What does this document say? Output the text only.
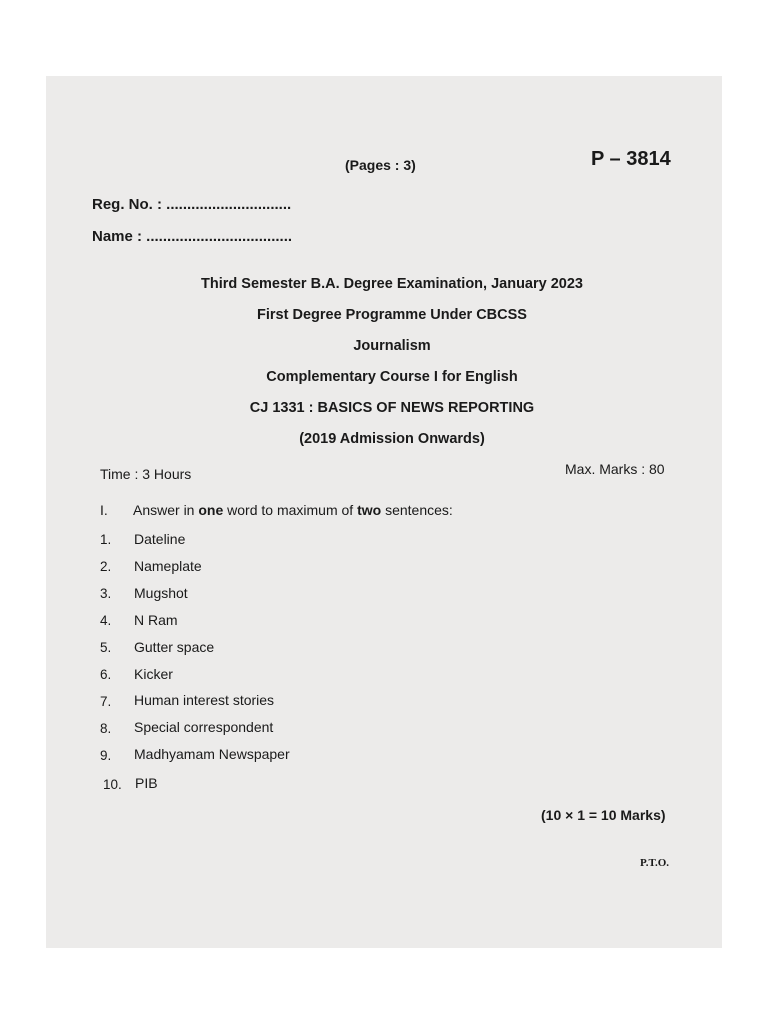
(Pages : 3)	P – 3814
Reg. No. : ..............................
Name : ...................................
Third Semester B.A. Degree Examination, January 2023
First Degree Programme Under CBCSS
Journalism
Complementary Course I for English
CJ 1331 : BASICS OF NEWS REPORTING
(2019 Admission Onwards)
Time : 3 Hours	Max. Marks : 80
I. Answer in one word to maximum of two sentences:
1. Dateline
2. Nameplate
3. Mugshot
4. N Ram
5. Gutter space
6. Kicker
7. Human interest stories
8. Special correspondent
9. Madhyamam Newspaper
10. PIB
(10 × 1 = 10 Marks)
P.T.O.
